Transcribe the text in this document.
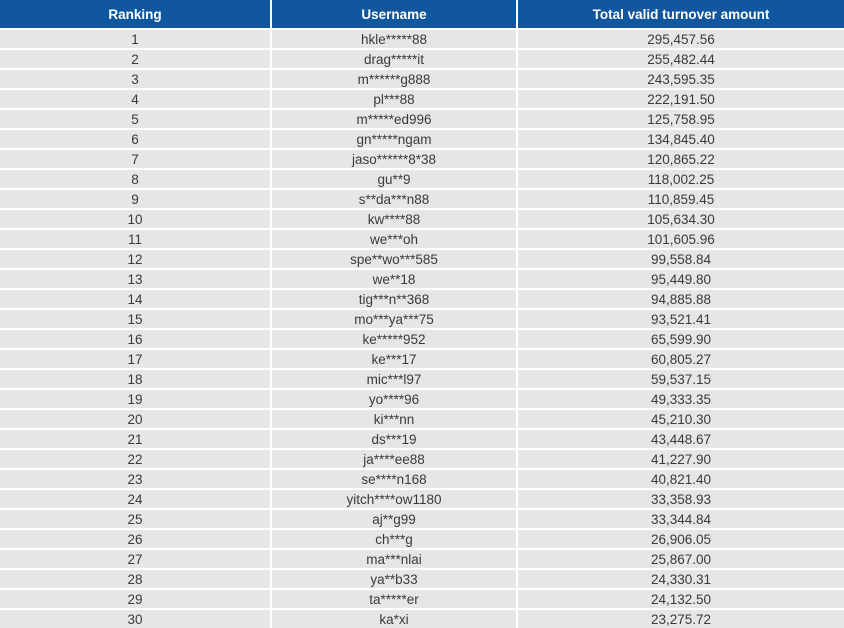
Ranking	Username	Total valid turnover amount
1	hkle*****88	295,457.56
2	drag*****it	255,482.44
3	m******g888	243,595.35
4	pl***88	222,191.50
5	m*****ed996	125,758.95
6	gn*****ngam	134,845.40
7	jaso******8*38	120,865.22
8	gu**9	118,002.25
9	s**da***n88	110,859.45
10	kw****88	105,634.30
11	we***oh	101,605.96
12	spe**wo***585	99,558.84
13	we**18	95,449.80
14	tig***n**368	94,885.88
15	mo***ya***75	93,521.41
16	ke*****952	65,599.90
17	ke***17	60,805.27
18	mic***l97	59,537.15
19	yo****96	49,333.35
20	ki***nn	45,210.30
21	ds***19	43,448.67
22	ja****ee88	41,227.90
23	se****n168	40,821.40
24	yitch****ow1180	33,358.93
25	aj**g99	33,344.84
26	ch***g	26,906.05
27	ma***nlai	25,867.00
28	ya**b33	24,330.31
29	ta*****er	24,132.50
30	ka*xi	23,275.72
